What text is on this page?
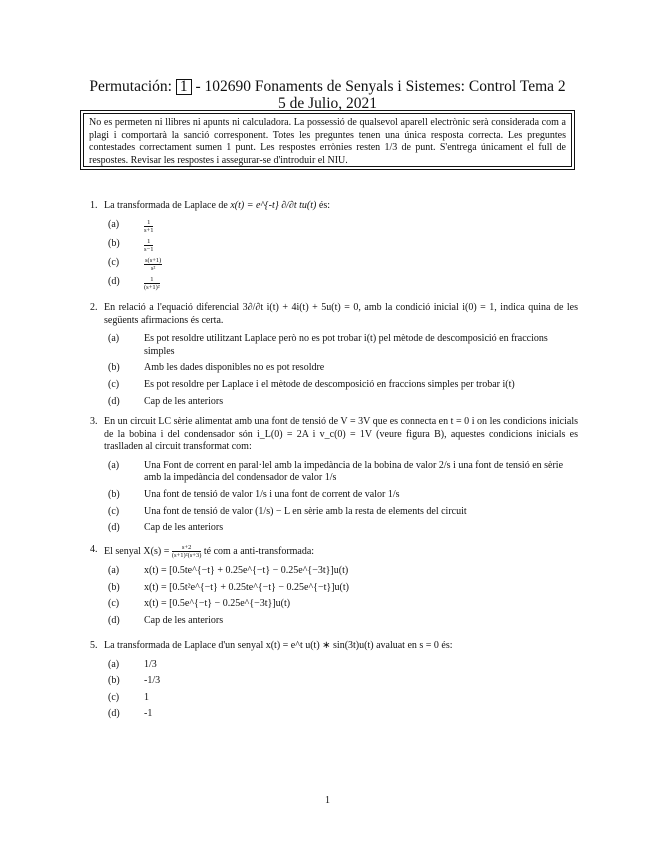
Permutación: 1 - 102690 Fonaments de Senyals i Sistemes: Control Tema 2
5 de Julio, 2021
No es permeten ni llibres ni apunts ni calculadora. La possessió de qualsevol aparell electrònic serà considerada com a plagi i comportarà la sanció corresponent. Totes les preguntes tenen una única resposta correcta. Les preguntes contestades correctament sumen 1 punt. Les respostes errònies resten 1/3 de punt. S'entrega únicament el full de respostes. Revisar les respostes i assegurar-se d'introduir el NIU.
1. La transformada de Laplace de x(t) = e^{-t} ∂/∂t tu(t) és:
(a)	$\frac{1}{s+1}$
(b)	$\frac{1}{s-1}$
(c)	$\frac{s(s+1)}{\text{s²}}$
(d)	$\frac{1}{\text{(s+1)²}}$
2. En relació a l'equació diferencial 3∂/∂t i(t) + 4i(t) + 5u(t) = 0, amb la condició inicial i(0) = 1, indica quina de les següents afirmacions és certa.
(a)	Es pot resoldre utilitzant Laplace però no es pot trobar i(t) pel mètode de descomposició en fraccions simples
(b)	Amb les dades disponibles no es pot resoldre
(c)	Es pot resoldre per Laplace i el mètode de descomposició en fraccions simples per trobar i(t)
(d)	Cap de les anteriors
3. En un circuit LC sèrie alimentat amb una font de tensió de V = 3V que es connecta en t = 0 i on les condicions inicials de la bobina i del condensador són i_L(0) = 2A i v_c(0) = 1V (veure figura B), aquestes condicions inicials es traslladen al circuit transformat com:
(a)	Una Font de corrent en paral·lel amb la impedància de la bobina de valor 2/s i una font de tensió en sèrie amb la impedància del condensador de valor 1/s
(b)	Una font de tensió de valor 1/s i una font de corrent de valor 1/s
(c)	Una font de tensió de valor (1/s) − L en sèrie amb la resta de elements del circuit
(d)	Cap de les anteriors
4. El senyal $X(s) = \frac{s+2}{\text{(s+1)²(s+3)}}$ té com a anti-transformada:
(a)	x(t) = [0.5te^{−t} + 0.25e^{−t} − 0.25e^{−3t}]u(t)
(b)	x(t) = [0.5t²e^{−t} + 0.25te^{−t} − 0.25e^{−t}]u(t)
(c)	x(t) = [0.5e^{−t} − 0.25e^{−3t}]u(t)
(d)	Cap de les anteriors
5. La transformada de Laplace d'un senyal x(t) = e^t u(t) ∗ sin(3t)u(t) avaluat en s = 0 és:
(a)	1/3
(b)	-1/3
(c)	1
(d)	-1
1
